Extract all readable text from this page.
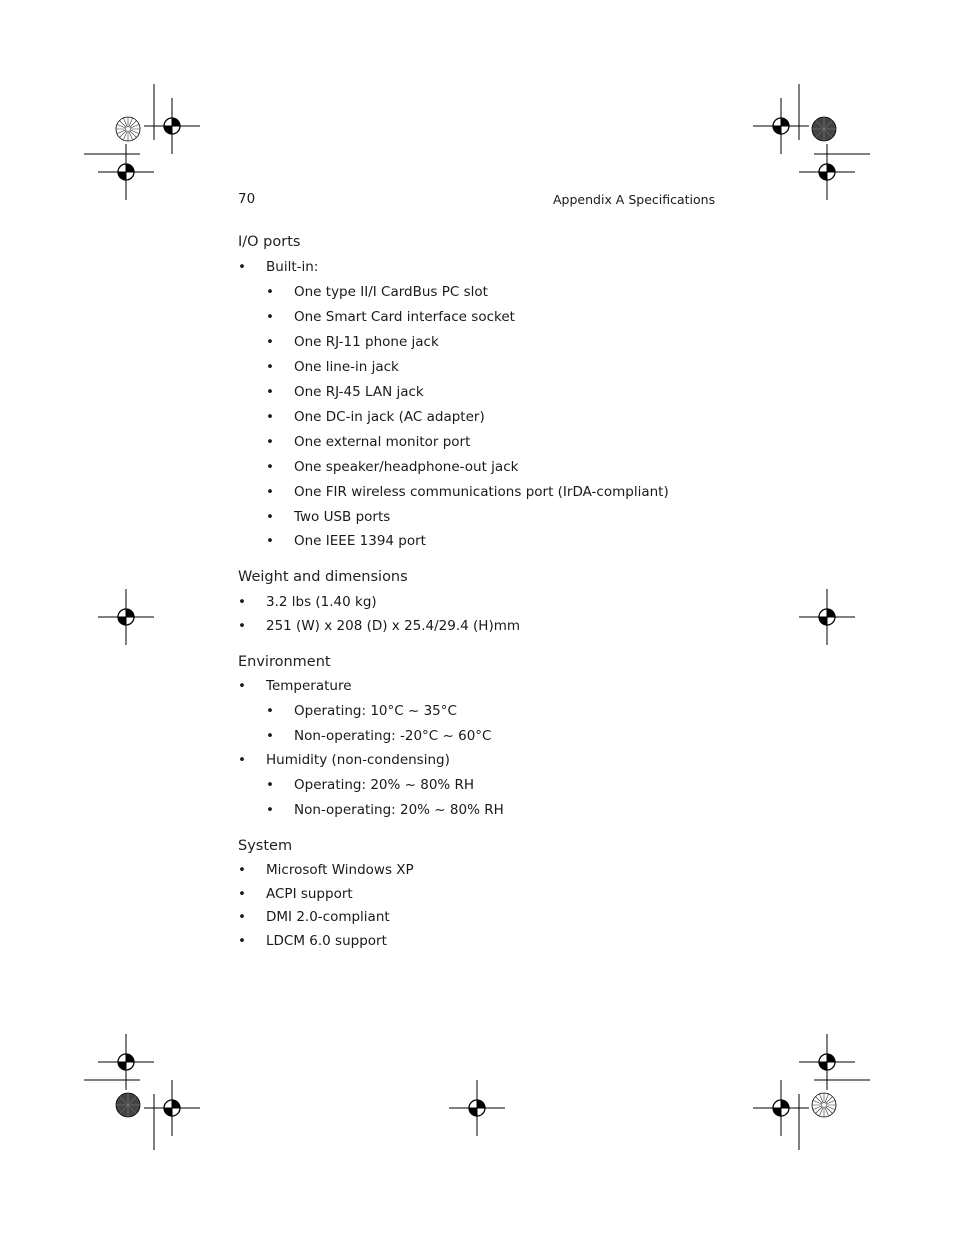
70	Appendix A Specifications
I/O ports
• Built-in:
• One type II/I CardBus PC slot
• One Smart Card interface socket
• One RJ-11 phone jack
• One line-in jack
• One RJ-45 LAN jack
• One DC-in jack (AC adapter)
• One external monitor port
• One speaker/headphone-out jack
• One FIR wireless communications port (IrDA-compliant)
• Two USB ports
• One IEEE 1394 port
Weight and dimensions
• 3.2 lbs (1.40 kg)
• 251 (W) x 208 (D) x 25.4/29.4 (H)mm
Environment
• Temperature
• Operating: 10°C ~ 35°C
• Non-operating: -20°C ~ 60°C
• Humidity (non-condensing)
• Operating: 20% ~ 80% RH
• Non-operating: 20% ~ 80% RH
System
• Microsoft Windows XP
• ACPI support
• DMI 2.0-compliant
• LDCM 6.0 support
